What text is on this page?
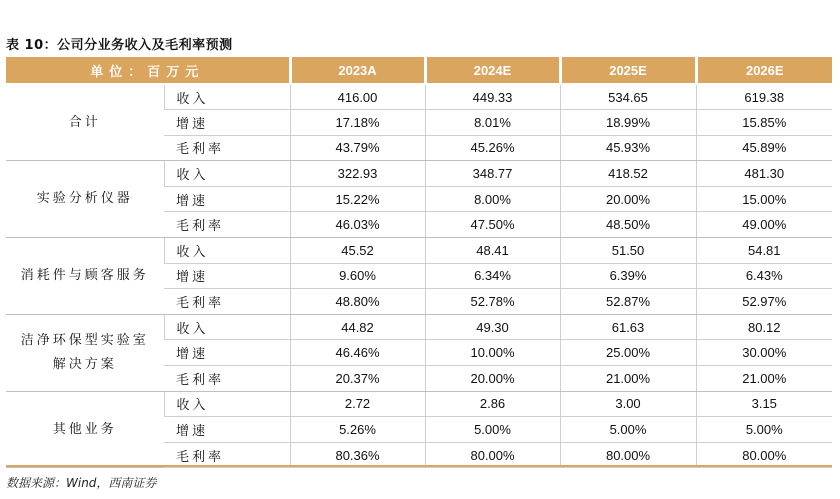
表 10：公司分业务收入及毛利率预测
单位：百万元		2023A	2024E	2025E	2026E
合计	收入	416.00	449.33	534.65	619.38
	增速	17.18%	8.01%	18.99%	15.85%
	毛利率	43.79%	45.26%	45.93%	45.89%
实验分析仪器	收入	322.93	348.77	418.52	481.30
	增速	15.22%	8.00%	20.00%	15.00%
	毛利率	46.03%	47.50%	48.50%	49.00%
消耗件与顾客服务	收入	45.52	48.41	51.50	54.81
	增速	9.60%	6.34%	6.39%	6.43%
	毛利率	48.80%	52.78%	52.87%	52.97%

洁净环保型实验室
解决方案	收入	44.82	49.30	61.63	80.12
	增速	46.46%	10.00%	25.00%	30.00%
	毛利率	20.37%	20.00%	21.00%	21.00%
其他业务	收入	2.72	2.86	3.00	3.15
	增速	5.26%	5.00%	5.00%	5.00%
	毛利率	80.36%	80.00%	80.00%	80.00%
数据来源：Wind，西南证券
